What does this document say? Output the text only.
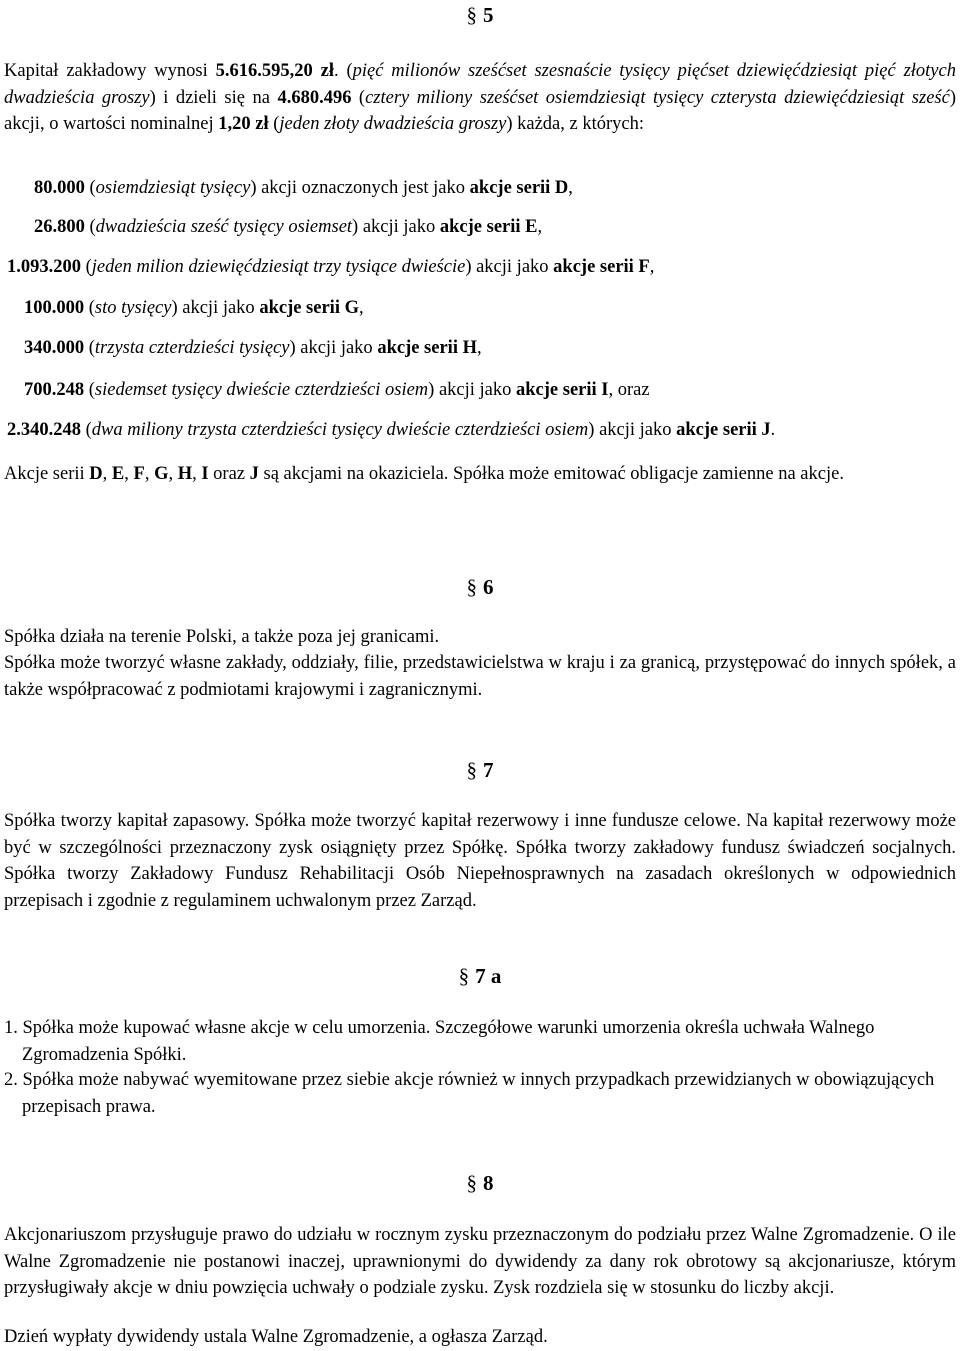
§ 5
Kapitał zakładowy wynosi 5.616.595,20 zł. (pięć milionów sześćset szesnaście tysięcy pięćset dziewięćdziesiąt pięć złotych dwadzieścia groszy) i dzieli się na 4.680.496 (cztery miliony sześćset osiemdziesiąt tysięcy czterysta dziewięćdziesiąt sześć) akcji, o wartości nominalnej 1,20 zł (jeden złoty dwadzieścia groszy) każda, z których:
80.000 (osiemdziesiąt tysięcy) akcji oznaczonych jest jako akcje serii D,
26.800 (dwadzieścia sześć tysięcy osiemset) akcji jako akcje serii E,
1.093.200 (jeden milion dziewięćdziesiąt trzy tysiące dwieście) akcji jako akcje serii F,
100.000 (sto tysięcy) akcji jako akcje serii G,
340.000 (trzysta czterdzieści tysięcy) akcji jako akcje serii H,
700.248 (siedemset tysięcy dwieście czterdzieści osiem) akcji jako akcje serii I, oraz
2.340.248 (dwa miliony trzysta czterdzieści tysięcy dwieście czterdzieści osiem) akcji jako akcje serii J.
Akcje serii D, E, F, G, H, I oraz J są akcjami na okaziciela. Spółka może emitować obligacje zamienne na akcje.
§ 6
Spółka działa na terenie Polski, a także poza jej granicami.
Spółka może tworzyć własne zakłady, oddziały, filie, przedstawicielstwa w kraju i za granicą, przystępować do innych spółek, a także współpracować z podmiotami krajowymi i zagranicznymi.
§ 7
Spółka tworzy kapitał zapasowy. Spółka może tworzyć kapitał rezerwowy i inne fundusze celowe. Na kapitał rezerwowy może być w szczególności przeznaczony zysk osiągnięty przez Spółkę. Spółka tworzy zakładowy fundusz świadczeń socjalnych. Spółka tworzy Zakładowy Fundusz Rehabilitacji Osób Niepełnosprawnych na zasadach określonych w odpowiednich przepisach i zgodnie z regulaminem uchwalonym przez Zarząd.
§ 7 a
1. Spółka może kupować własne akcje w celu umorzenia. Szczegółowe warunki umorzenia określa uchwała Walnego Zgromadzenia Spółki.
2. Spółka może nabywać wyemitowane przez siebie akcje również w innych przypadkach przewidzianych w obowiązujących przepisach prawa.
§ 8
Akcjonariuszom przysługuje prawo do udziału w rocznym zysku przeznaczonym do podziału przez Walne Zgromadzenie. O ile Walne Zgromadzenie nie postanowi inaczej, uprawnionymi do dywidendy za dany rok obrotowy są akcjonariusze, którym przysługiwały akcje w dniu powzięcia uchwały o podziale zysku. Zysk rozdziela się w stosunku do liczby akcji.
Dzień wypłaty dywidendy ustala Walne Zgromadzenie, a ogłasza Zarząd.
